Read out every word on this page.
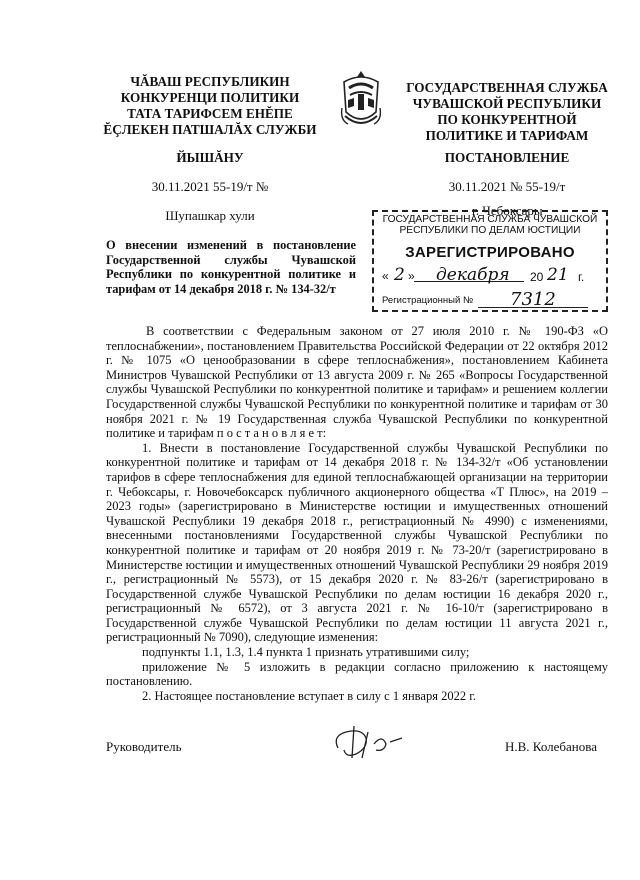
ЧĂВАШ РЕСПУБЛИКИН
КОНКУРЕНЦИ ПОЛИТИКИ
ТАТА ТАРИФСЕМ ЕНĔПЕ
ĔÇЛЕКЕН ПАТШАЛĂХ СЛУЖБИ
ГОСУДАРСТВЕННАЯ СЛУЖБА
ЧУВАШСКОЙ РЕСПУБЛИКИ
ПО КОНКУРЕНТНОЙ
ПОЛИТИКЕ И ТАРИФАМ
ЙЫШĂНУ	ПОСТАНОВЛЕНИЕ
30.11.2021 55-19/т №	30.11.2021 № 55-19/т
Шупашкар хули	г. Чебоксары
ГОСУДАРСТВЕННАЯ СЛУЖБА ЧУВАШСКОЙ
РЕСПУБЛИКИ ПО ДЕЛАМ ЮСТИЦИИ
ЗАРЕГИСТРИРОВАНО
« 2 » декабря 20 21 г.
Регистрационный № 7312
О внесении изменений в постановление
Государственной службы Чувашской
Республики по конкурентной политике и
тарифам от 14 декабря 2018 г. № 134-32/т

В соответствии с Федеральным законом от 27 июля 2010 г. № 190-ФЗ «О теплоснабжении», постановлением Правительства Российской Федерации от 22 октября 2012 г. № 1075 «О ценообразовании в сфере теплоснабжения», постановлением Кабинета Министров Чувашской Республики от 13 августа 2009 г. № 265 «Вопросы Государственной службы Чувашской Республики по конкурентной политике и тарифам» и решением коллегии Государственной службы Чувашской Республики по конкурентной политике и тарифам от 30 ноября 2021 г. № 19 Государственная служба Чувашской Республики по конкурентной политике и тарифам п о с т а н о в л я е т:

1. Внести в постановление Государственной службы Чувашской Республики по конкурентной политике и тарифам от 14 декабря 2018 г. № 134-32/т «Об установлении тарифов в сфере теплоснабжения для единой теплоснабжающей организации на территории г. Чебоксары, г. Новочебоксарск публичного акционерного общества «Т Плюс», на 2019 – 2023 годы» (зарегистрировано в Министерстве юстиции и имущественных отношений Чувашской Республики 19 декабря 2018 г., регистрационный № 4990) с изменениями, внесенными постановлениями Государственной службы Чувашской Республики по конкурентной политике и тарифам от 20 ноября 2019 г. № 73-20/т (зарегистрировано в Министерстве юстиции и имущественных отношений Чувашской Республики 29 ноября 2019 г., регистрационный № 5573), от 15 декабря 2020 г. № 83-26/т (зарегистрировано в Государственной службе Чувашской Республики по делам юстиции 16 декабря 2020 г., регистрационный № 6572), от 3 августа 2021 г. № 16-10/т (зарегистрировано в Государственной службе Чувашской Республики по делам юстиции 11 августа 2021 г., регистрационный № 7090), следующие изменения:

подпункты 1.1, 1.3, 1.4 пункта 1 признать утратившими силу;

приложение № 5 изложить в редакции согласно приложению к настоящему постановлению.

2. Настоящее постановление вступает в силу с 1 января 2022 г.

Руководитель	Н.В. Колебанова
